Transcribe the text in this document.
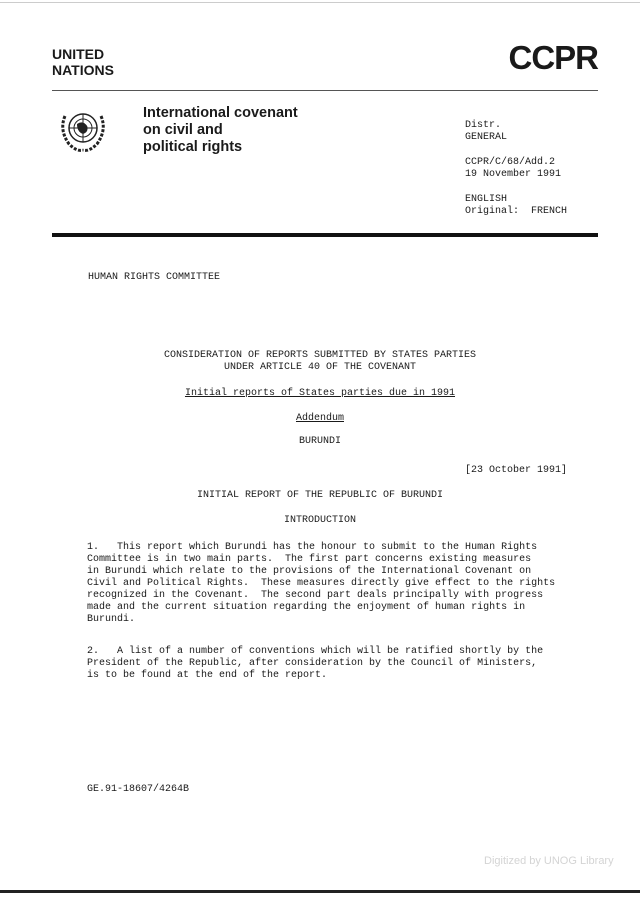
UNITED
NATIONS	CCPR
International covenant
on civil and
political rights
Distr.
GENERAL
CCPR/C/68/Add.2
19 November 1991
ENGLISH
Original:  FRENCH
HUMAN RIGHTS COMMITTEE
CONSIDERATION OF REPORTS SUBMITTED BY STATES PARTIES
UNDER ARTICLE 40 OF THE COVENANT
Initial reports of States parties due in 1991
Addendum
BURUNDI
[23 October 1991]
INITIAL REPORT OF THE REPUBLIC OF BURUNDI
INTRODUCTION
1.   This report which Burundi has the honour to submit to the Human Rights
Committee is in two main parts.  The first part concerns existing measures
in Burundi which relate to the provisions of the International Covenant on
Civil and Political Rights.  These measures directly give effect to the rights
recognized in the Covenant.  The second part deals principally with progress
made and the current situation regarding the enjoyment of human rights in
Burundi.
2.   A list of a number of conventions which will be ratified shortly by the
President of the Republic, after consideration by the Council of Ministers,
is to be found at the end of the report.
GE.91-18607/4264B
Digitized by UNOG Library
